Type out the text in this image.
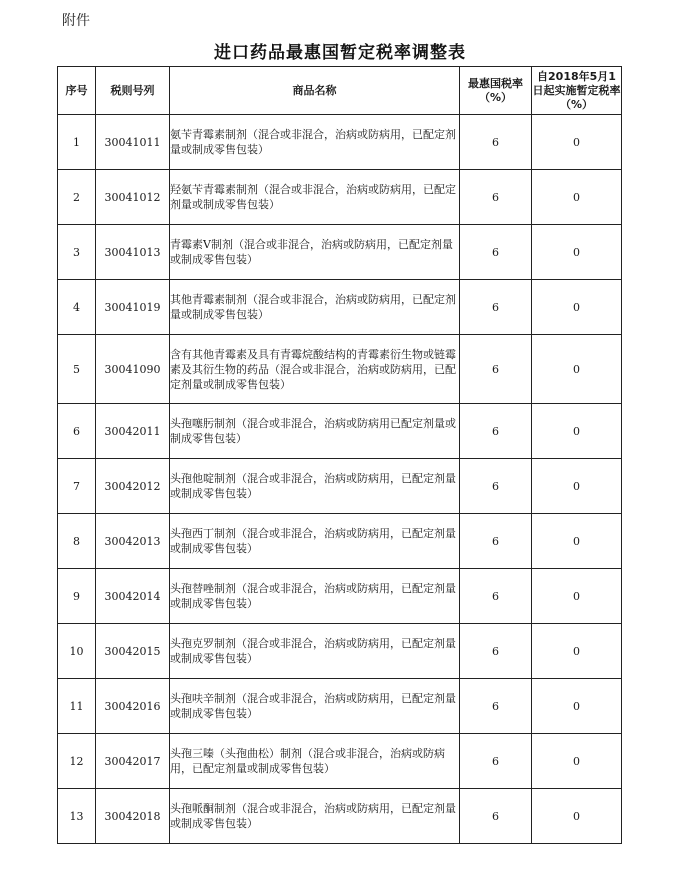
附件
进口药品最惠国暂定税率调整表
序号	税则号列	商品名称	最惠国税率（%）	自2018年5月1日起实施暂定税率（%）
1	30041011	氨苄青霉素制剂（混合或非混合，治病或防病用，已配定剂量或制成零售包装）	6	0
2	30041012	羟氨苄青霉素制剂（混合或非混合，治病或防病用，已配定剂量或制成零售包装）	6	0
3	30041013	青霉素V制剂（混合或非混合，治病或防病用，已配定剂量或制成零售包装）	6	0
4	30041019	其他青霉素制剂（混合或非混合，治病或防病用，已配定剂量或制成零售包装）	6	0
5	30041090	含有其他青霉素及具有青霉烷酸结构的青霉素衍生物或链霉素及其衍生物的药品（混合或非混合，治病或防病用，已配定剂量或制成零售包装）	6	0
6	30042011	头孢噻肟制剂（混合或非混合，治病或防病用已配定剂量或制成零售包装）	6	0
7	30042012	头孢他啶制剂（混合或非混合，治病或防病用，已配定剂量或制成零售包装）	6	0
8	30042013	头孢西丁制剂（混合或非混合，治病或防病用，已配定剂量或制成零售包装）	6	0
9	30042014	头孢替唑制剂（混合或非混合，治病或防病用，已配定剂量或制成零售包装）	6	0
10	30042015	头孢克罗制剂（混合或非混合，治病或防病用，已配定剂量或制成零售包装）	6	0
11	30042016	头孢呋辛制剂（混合或非混合，治病或防病用，已配定剂量或制成零售包装）	6	0
12	30042017	头孢三嗪（头孢曲松）制剂（混合或非混合，治病或防病用，已配定剂量或制成零售包装）	6	0
13	30042018	头孢哌酮制剂（混合或非混合，治病或防病用，已配定剂量或制成零售包装）	6	0
